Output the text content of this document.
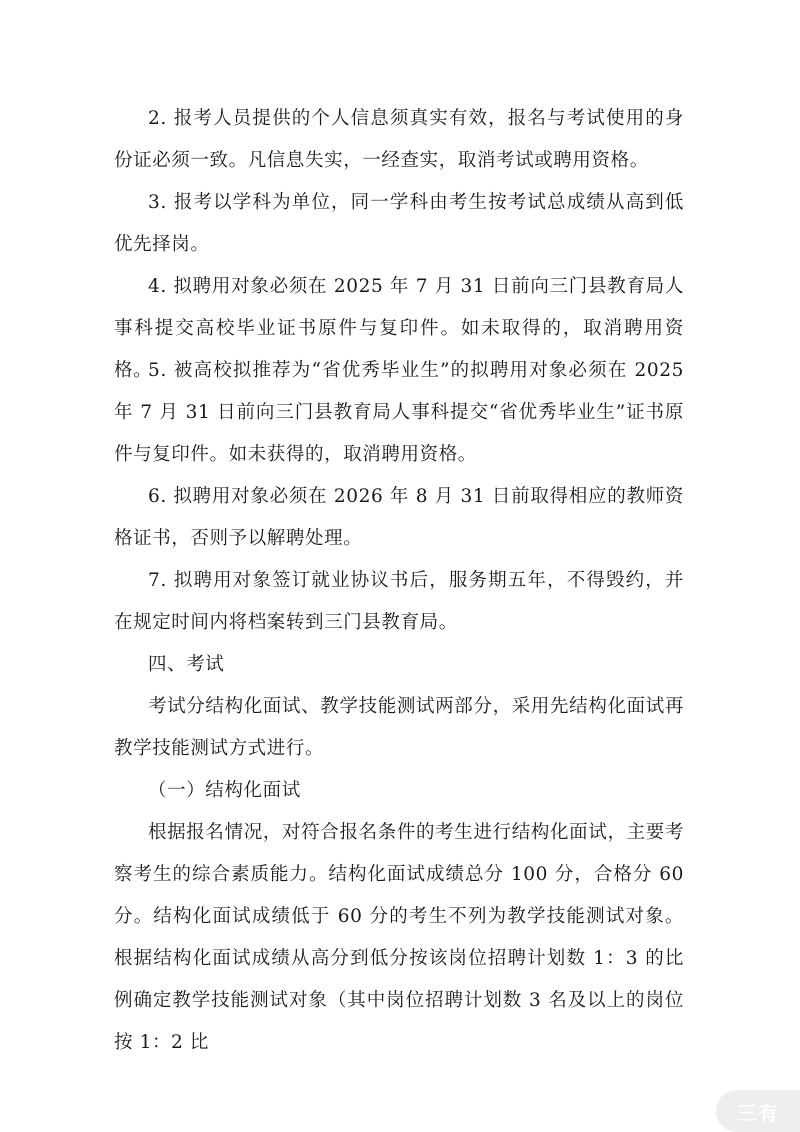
2. 报考人员提供的个人信息须真实有效，报名与考试使用的身份证必须一致。凡信息失实，一经查实，取消考试或聘用资格。

3. 报考以学科为单位，同一学科由考生按考试总成绩从高到低优先择岗。

4. 拟聘用对象必须在 2025 年 7 月 31 日前向三门县教育局人事科提交高校毕业证书原件与复印件。如未取得的，取消聘用资格。

5. 被高校拟推荐为“省优秀毕业生”的拟聘用对象必须在 2025 年 7 月 31 日前向三门县教育局人事科提交“省优秀毕业生”证书原件与复印件。如未获得的，取消聘用资格。

6. 拟聘用对象必须在 2026 年 8 月 31 日前取得相应的教师资格证书，否则予以解聘处理。

7. 拟聘用对象签订就业协议书后，服务期五年，不得毁约，并在规定时间内将档案转到三门县教育局。

四、考试

考试分结构化面试、教学技能测试两部分，采用先结构化面试再教学技能测试方式进行。

（一）结构化面试

根据报名情况，对符合报名条件的考生进行结构化面试，主要考察考生的综合素质能力。结构化面试成绩总分 100 分，合格分 60 分。结构化面试成绩低于 60 分的考生不列为教学技能测试对象。根据结构化面试成绩从高分到低分按该岗位招聘计划数 1：3 的比例确定教学技能测试对象（其中岗位招聘计划数 3 名及以上的岗位按 1：2 比

三有
